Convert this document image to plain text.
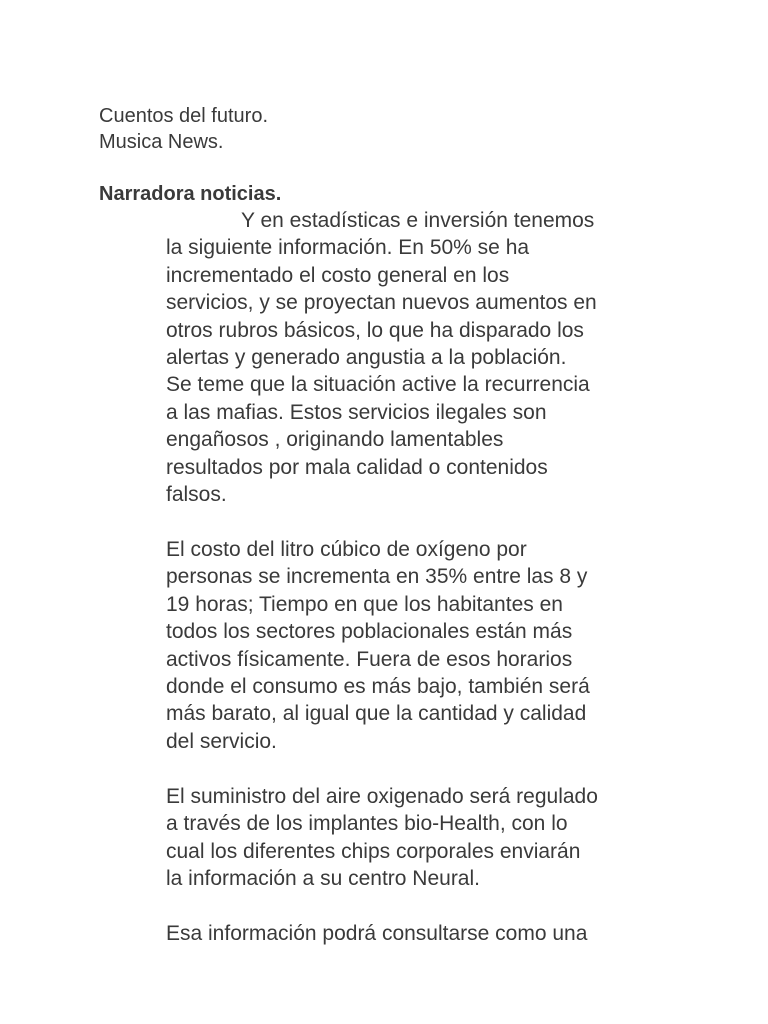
Cuentos del futuro.
Musica News.
Narradora noticias.
Y en estadísticas e inversión tenemos
la siguiente información. En 50% se ha
incrementado el costo general en los
servicios, y se proyectan nuevos aumentos en
otros rubros básicos, lo que ha disparado los
alertas y generado angustia a la población.
Se teme que la situación active la recurrencia
a las mafias. Estos servicios ilegales son
engañosos , originando lamentables
resultados por mala calidad o contenidos
falsos.
El costo del litro cúbico de oxígeno por
personas se incrementa en 35% entre las 8 y
19 horas; Tiempo en que los habitantes en
todos los sectores poblacionales están más
activos físicamente. Fuera de esos horarios
donde el consumo es más bajo, también será
más barato, al igual que la cantidad y calidad
del servicio.
El suministro del aire oxigenado será regulado
a través de los implantes bio-Health, con lo
cual los diferentes chips corporales enviarán
la información a su centro Neural.
Esa información podrá consultarse como una
